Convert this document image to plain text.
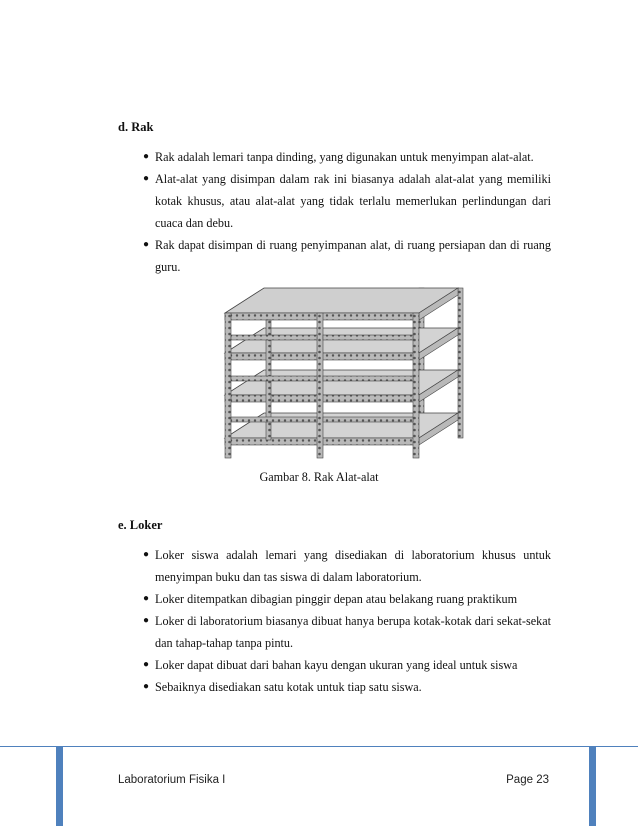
d. Rak
● Rak adalah lemari tanpa dinding, yang digunakan untuk menyimpan alat-alat.
● Alat-alat yang disimpan dalam rak ini biasanya adalah alat-alat yang memiliki kotak khusus, atau alat-alat yang tidak terlalu memerlukan perlindungan dari cuaca dan debu.
● Rak dapat disimpan di ruang penyimpanan alat, di ruang persiapan dan di ruang guru.
Gambar 8. Rak Alat-alat
e. Loker
● Loker siswa adalah lemari yang disediakan di laboratorium khusus untuk menyimpan buku dan tas siswa di dalam laboratorium.
● Loker ditempatkan dibagian pinggir depan atau belakang ruang praktikum
● Loker di laboratorium biasanya dibuat hanya berupa kotak-kotak dari sekat-sekat dan tahap-tahap tanpa pintu.
● Loker dapat dibuat dari bahan kayu dengan ukuran yang ideal untuk siswa
● Sebaiknya disediakan satu kotak untuk tiap satu siswa.
Laboratorium Fisika I	Page 23
